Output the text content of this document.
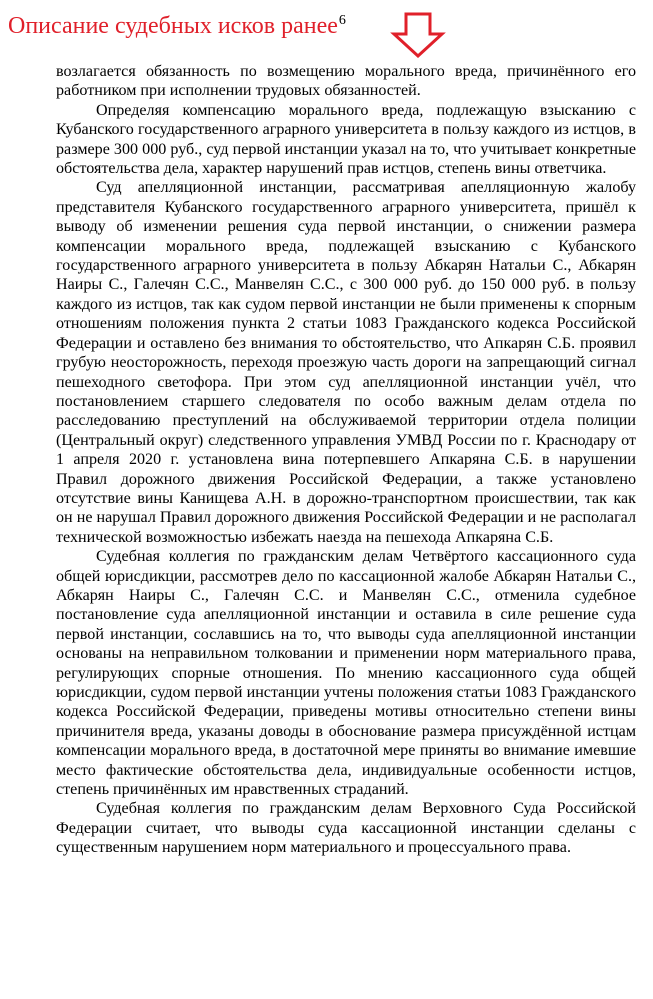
Описание судебных исков ранее$^6$

возлагается обязанность по возмещению морального вреда, причинённого его работником при исполнении трудовых обязанностей.

Определяя компенсацию морального вреда, подлежащую взысканию с Кубанского государственного аграрного университета в пользу каждого из истцов, в размере 300 000 руб., суд первой инстанции указал на то, что учитывает конкретные обстоятельства дела, характер нарушений прав истцов, степень вины ответчика.

Суд апелляционной инстанции, рассматривая апелляционную жалобу представителя Кубанского государственного аграрного университета, пришёл к выводу об изменении решения суда первой инстанции, о снижении размера компенсации морального вреда, подлежащей взысканию с Кубанского государственного аграрного университета в пользу Абкарян Натальи С., Абкарян Наиры С., Галечян С.С., Манвелян С.С., с 300 000 руб. до 150 000 руб. в пользу каждого из истцов, так как судом первой инстанции не были применены к спорным отношениям положения пункта 2 статьи 1083 Гражданского кодекса Российской Федерации и оставлено без внимания то обстоятельство, что Апкарян С.Б. проявил грубую неосторожность, переходя проезжую часть дороги на запрещающий сигнал пешеходного светофора. При этом суд апелляционной инстанции учёл, что постановлением старшего следователя по особо важным делам отдела по расследованию преступлений на обслуживаемой территории отдела полиции (Центральный округ) следственного управления УМВД России по г. Краснодару от 1 апреля 2020 г. установлена вина потерпевшего Апкаряна С.Б. в нарушении Правил дорожного движения Российской Федерации, а также установлено отсутствие вины Канищева А.Н. в дорожно-транспортном происшествии, так как он не нарушал Правил дорожного движения Российской Федерации и не располагал технической возможностью избежать наезда на пешехода Апкаряна С.Б.

Судебная коллегия по гражданским делам Четвёртого кассационного суда общей юрисдикции, рассмотрев дело по кассационной жалобе Абкарян Натальи С., Абкарян Наиры С., Галечян С.С. и Манвелян С.С., отменила судебное постановление суда апелляционной инстанции и оставила в силе решение суда первой инстанции, сославшись на то, что выводы суда апелляционной инстанции основаны на неправильном толковании и применении норм материального права, регулирующих спорные отношения. По мнению кассационного суда общей юрисдикции, судом первой инстанции учтены положения статьи 1083 Гражданского кодекса Российской Федерации, приведены мотивы относительно степени вины причинителя вреда, указаны доводы в обоснование размера присуждённой истцам компенсации морального вреда, в достаточной мере приняты во внимание имевшие место фактические обстоятельства дела, индивидуальные особенности истцов, степень причинённых им нравственных страданий.

Судебная коллегия по гражданским делам Верховного Суда Российской Федерации считает, что выводы суда кассационной инстанции сделаны с существенным нарушением норм материального и процессуального права.
